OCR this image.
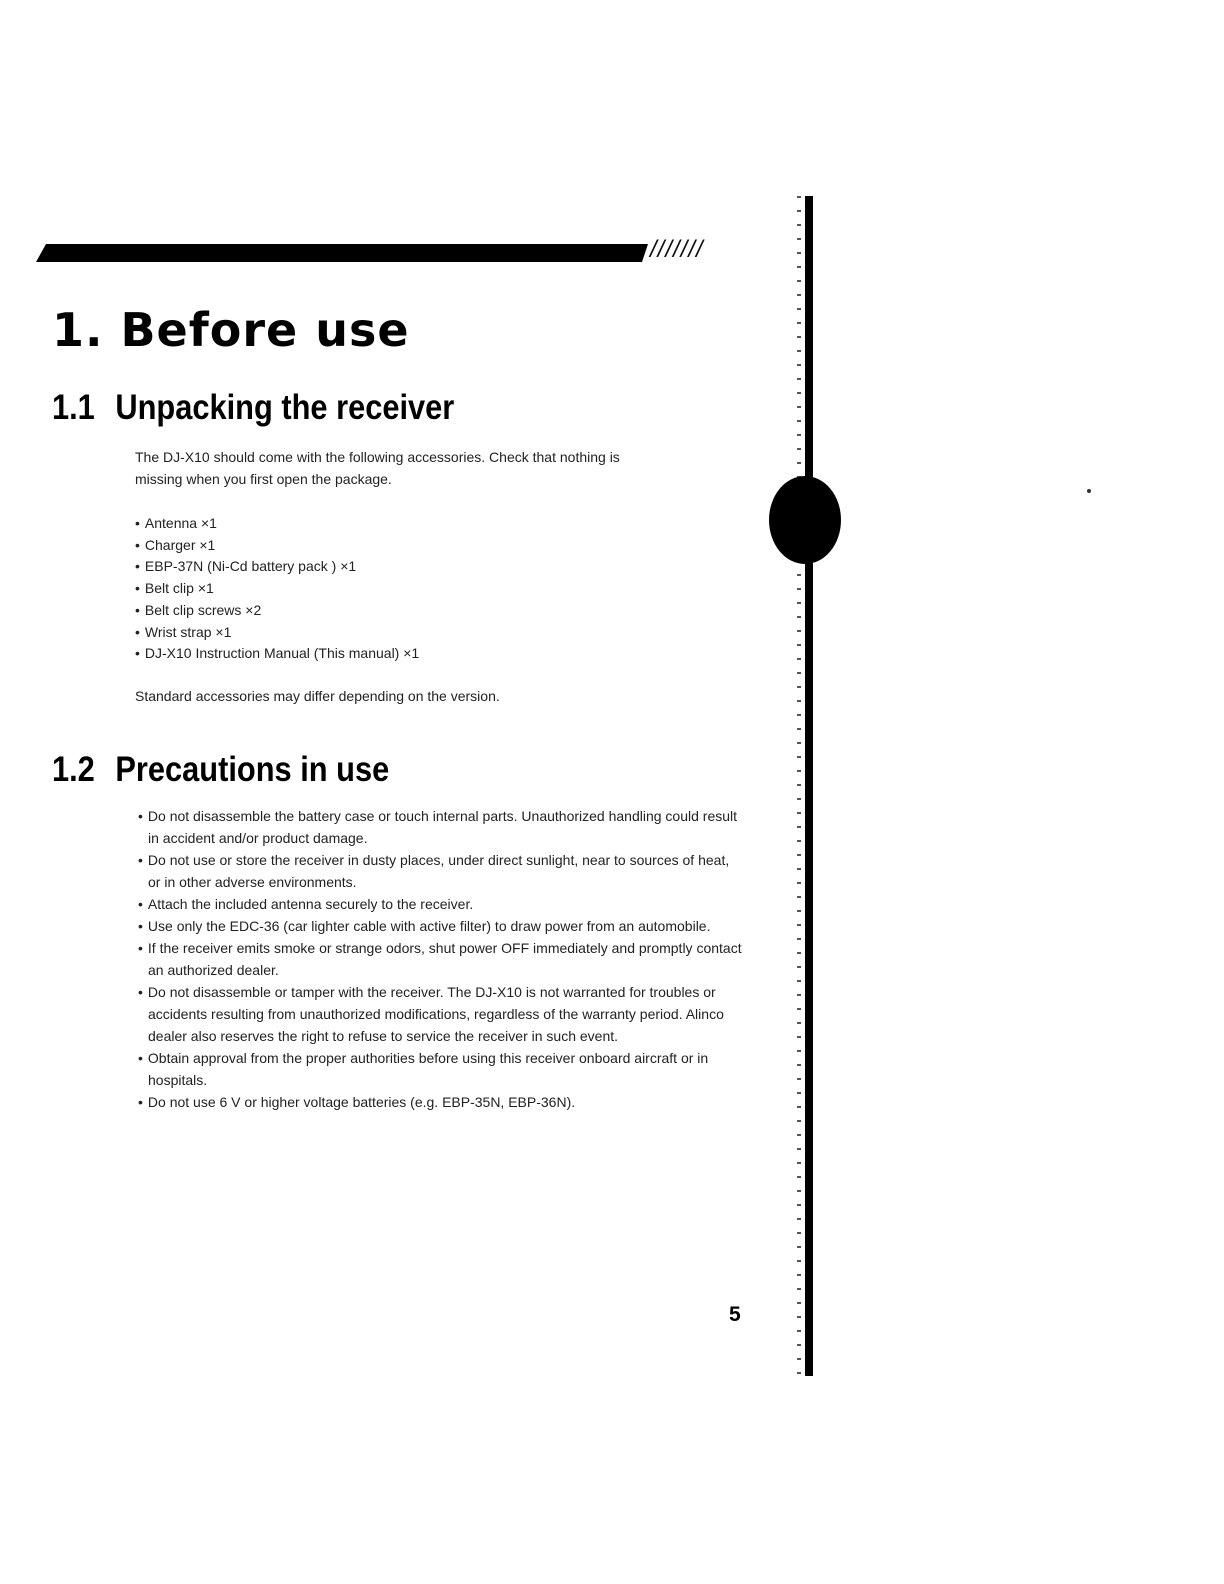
///////
1. Before use
1.1 Unpacking the receiver
The DJ-X10 should come with the following accessories. Check that nothing is
missing when you first open the package.
• Antenna ×1
• Charger ×1
• EBP-37N (Ni-Cd battery pack ) ×1
• Belt clip ×1
• Belt clip screws ×2
• Wrist strap ×1
• DJ-X10 Instruction Manual (This manual) ×1

Standard accessories may differ depending on the version.

1.2 Precautions in use
• Do not disassemble the battery case or touch internal parts. Unauthorized handling could result in accident and/or product damage.
• Do not use or store the receiver in dusty places, under direct sunlight, near to sources of heat, or in other adverse environments.
• Attach the included antenna securely to the receiver.
• Use only the EDC-36 (car lighter cable with active filter) to draw power from an automobile.
• If the receiver emits smoke or strange odors, shut power OFF immediately and promptly contact an authorized dealer.
• Do not disassemble or tamper with the receiver. The DJ-X10 is not warranted for troubles or accidents resulting from unauthorized modifications, regardless of the warranty period. Alinco dealer also reserves the right to refuse to service the receiver in such event.
• Obtain approval from the proper authorities before using this receiver onboard aircraft or in hospitals.
• Do not use 6 V or higher voltage batteries (e.g. EBP-35N, EBP-36N).

5
